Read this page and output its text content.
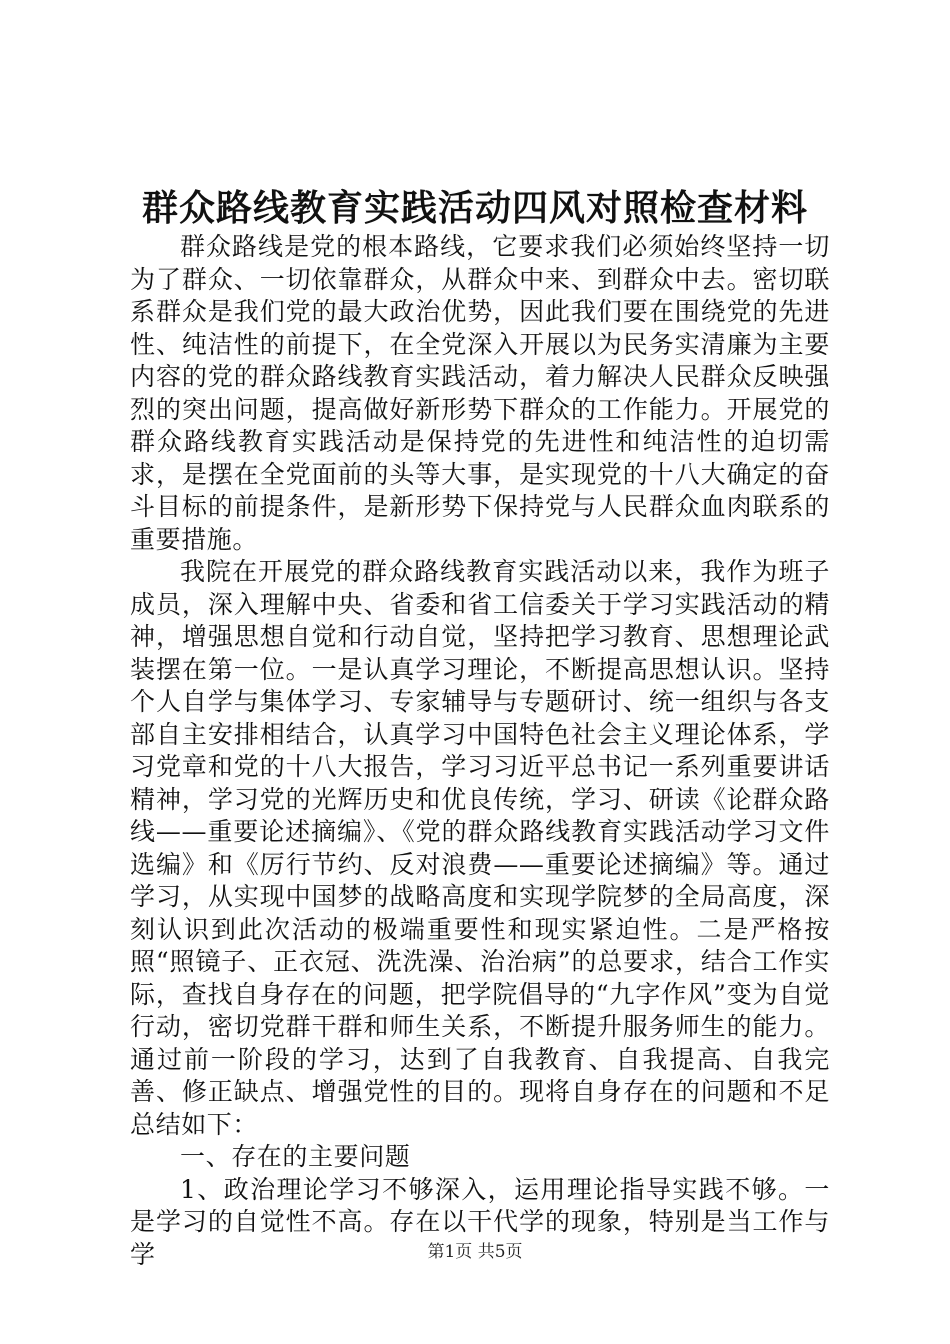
群众路线教育实践活动四风对照检查材料

群众路线是党的根本路线，它要求我们必须始终坚持一切为了群众、一切依靠群众，从群众中来、到群众中去。密切联系群众是我们党的最大政治优势，因此我们要在围绕党的先进性、纯洁性的前提下，在全党深入开展以为民务实清廉为主要内容的党的群众路线教育实践活动，着力解决人民群众反映强烈的突出问题，提高做好新形势下群众的工作能力。开展党的群众路线教育实践活动是保持党的先进性和纯洁性的迫切需求，是摆在全党面前的头等大事，是实现党的十八大确定的奋斗目标的前提条件，是新形势下保持党与人民群众血肉联系的重要措施。

我院在开展党的群众路线教育实践活动以来，我作为班子成员，深入理解中央、省委和省工信委关于学习实践活动的精神，增强思想自觉和行动自觉，坚持把学习教育、思想理论武装摆在第一位。一是认真学习理论，不断提高思想认识。坚持个人自学与集体学习、专家辅导与专题研讨、统一组织与各支部自主安排相结合，认真学习中国特色社会主义理论体系，学习党章和党的十八大报告，学习习近平总书记一系列重要讲话精神，学习党的光辉历史和优良传统，学习、研读《论群众路线——重要论述摘编》、《党的群众路线教育实践活动学习文件选编》和《厉行节约、反对浪费——重要论述摘编》等。通过学习，从实现中国梦的战略高度和实现学院梦的全局高度，深刻认识到此次活动的极端重要性和现实紧迫性。二是严格按照“照镜子、正衣冠、洗洗澡、治治病”的总要求，结合工作实际，查找自身存在的问题，把学院倡导的“九字作风”变为自觉行动，密切党群干群和师生关系，不断提升服务师生的能力。通过前一阶段的学习，达到了自我教育、自我提高、自我完善、修正缺点、增强党性的目的。现将自身存在的问题和不足总结如下：

一、存在的主要问题

1、政治理论学习不够深入，运用理论指导实践不够。一是学习的自觉性不高。存在以干代学的现象，特别是当工作与学	第1页 共5页
